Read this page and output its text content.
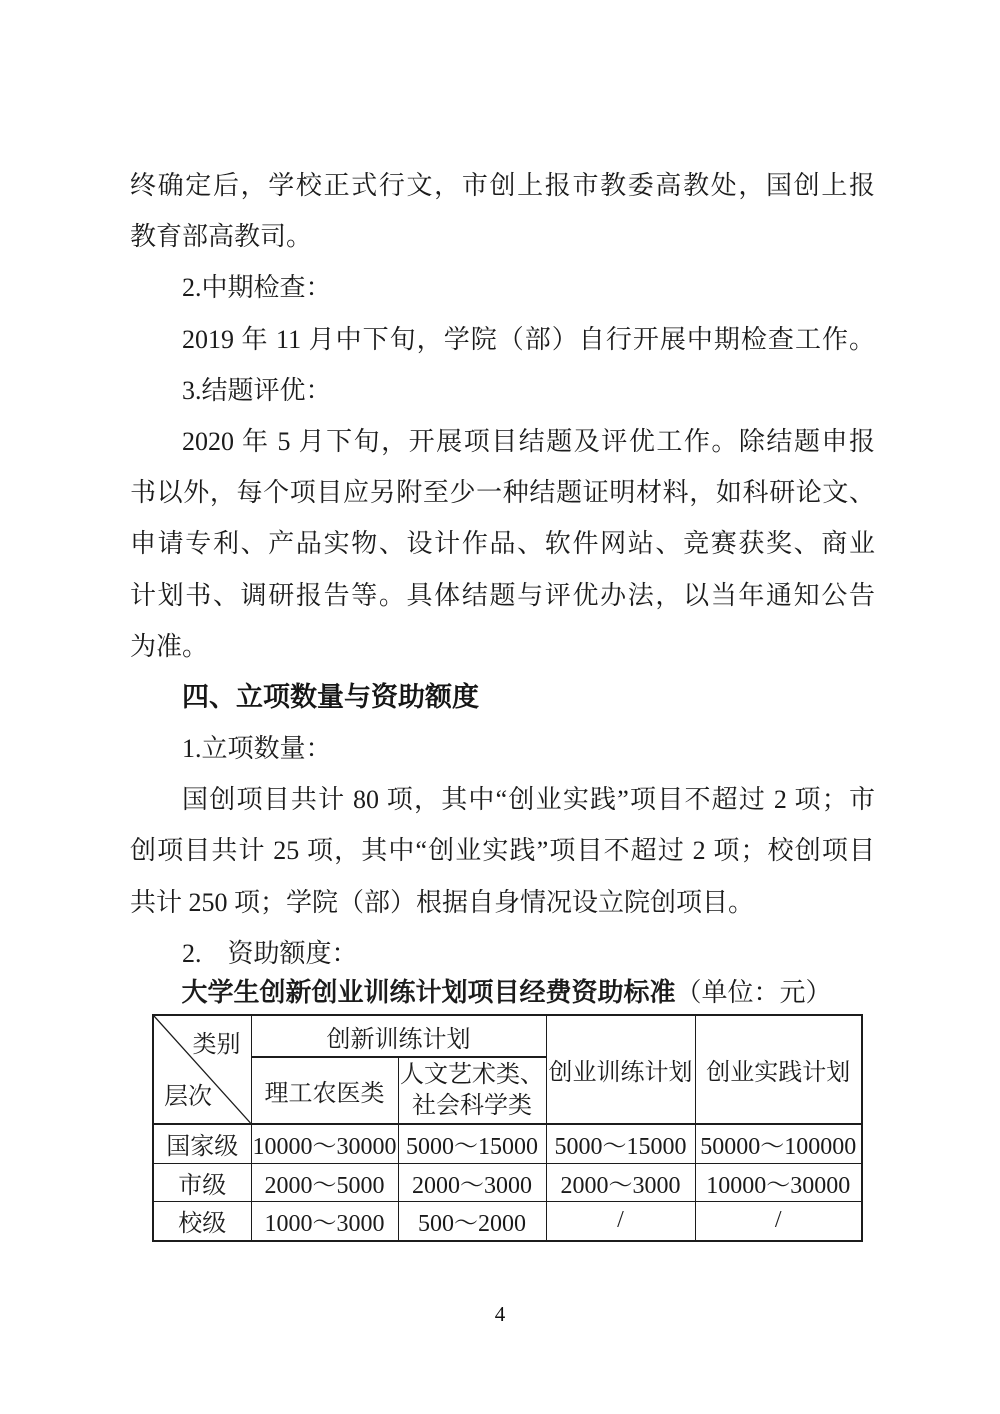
终确定后，学校正式行文，市创上报市教委高教处，国创上报
教育部高教司。
2.中期检查：
2019 年 11 月中下旬，学院（部）自行开展中期检查工作。
3.结题评优：
2020 年 5 月下旬，开展项目结题及评优工作。除结题申报
书以外，每个项目应另附至少一种结题证明材料，如科研论文、
申请专利、产品实物、设计作品、软件网站、竞赛获奖、商业
计划书、调研报告等。具体结题与评优办法，以当年通知公告
为准。
四、立项数量与资助额度
1.立项数量：
国创项目共计 80 项，其中“创业实践”项目不超过 2 项；市
创项目共计 25 项，其中“创业实践”项目不超过 2 项；校创项目
共计 250 项；学院（部）根据自身情况设立院创项目。
2.　资助额度：
大学生创新创业训练计划项目经费资助标准（单位：元）
类别
层次	创新训练计划		创业训练计划	创业实践计划
	理工农医类	人文艺术类、
社会科学类		

国家级	10000～30000	5000～15000	5000～15000	50000～100000
市级	2000～5000	2000～3000	2000～3000	10000～30000
校级	1000～3000	500～2000	/	/
4
